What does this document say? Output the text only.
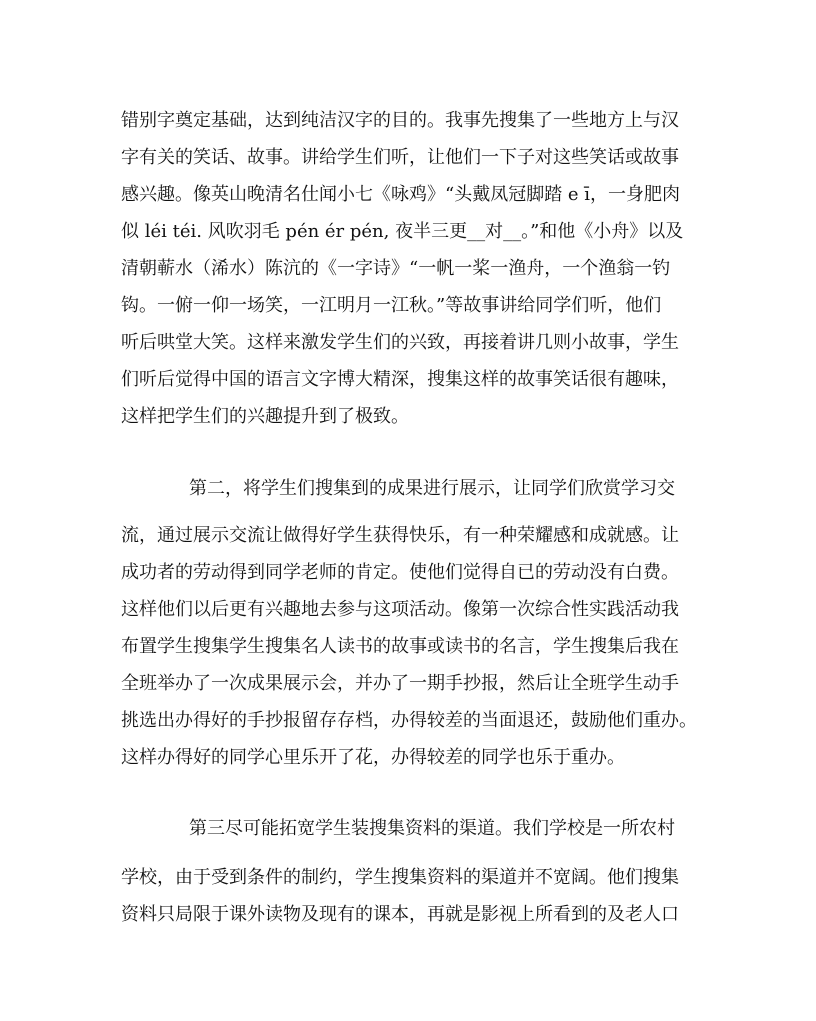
错别字奠定基础，达到纯洁汉字的目的。我事先搜集了一些地方上与汉
字有关的笑话、故事。讲给学生们听，让他们一下子对这些笑话或故事
感兴趣。像英山晚清名仕闻小七《咏鸡》“头戴凤冠脚踏 e ī，一身肥肉
似 léi téi. 风吹羽毛 pén ér pén, 夜半三更__对__。”和他《小舟》以及
清朝蕲水（浠水）陈沆的《一字诗》“一帆一桨一渔舟，一个渔翁一钓
钩。一俯一仰一场笑，一江明月一江秋。”等故事讲给同学们听，他们
听后哄堂大笑。这样来激发学生们的兴致，再接着讲几则小故事，学生
们听后觉得中国的语言文字博大精深，搜集这样的故事笑话很有趣味，
这样把学生们的兴趣提升到了极致。
第二，将学生们搜集到的成果进行展示，让同学们欣赏学习交
流，通过展示交流让做得好学生获得快乐，有一种荣耀感和成就感。让
成功者的劳动得到同学老师的肯定。使他们觉得自已的劳动没有白费。
这样他们以后更有兴趣地去参与这项活动。像第一次综合性实践活动我
布置学生搜集学生搜集名人读书的故事或读书的名言，学生搜集后我在
全班举办了一次成果展示会，并办了一期手抄报，然后让全班学生动手
挑选出办得好的手抄报留存存档，办得较差的当面退还，鼓励他们重办。
这样办得好的同学心里乐开了花，办得较差的同学也乐于重办。
第三尽可能拓宽学生装搜集资料的渠道。我们学校是一所农村
学校，由于受到条件的制约，学生搜集资料的渠道并不宽阔。他们搜集
资料只局限于课外读物及现有的课本，再就是影视上所看到的及老人口
